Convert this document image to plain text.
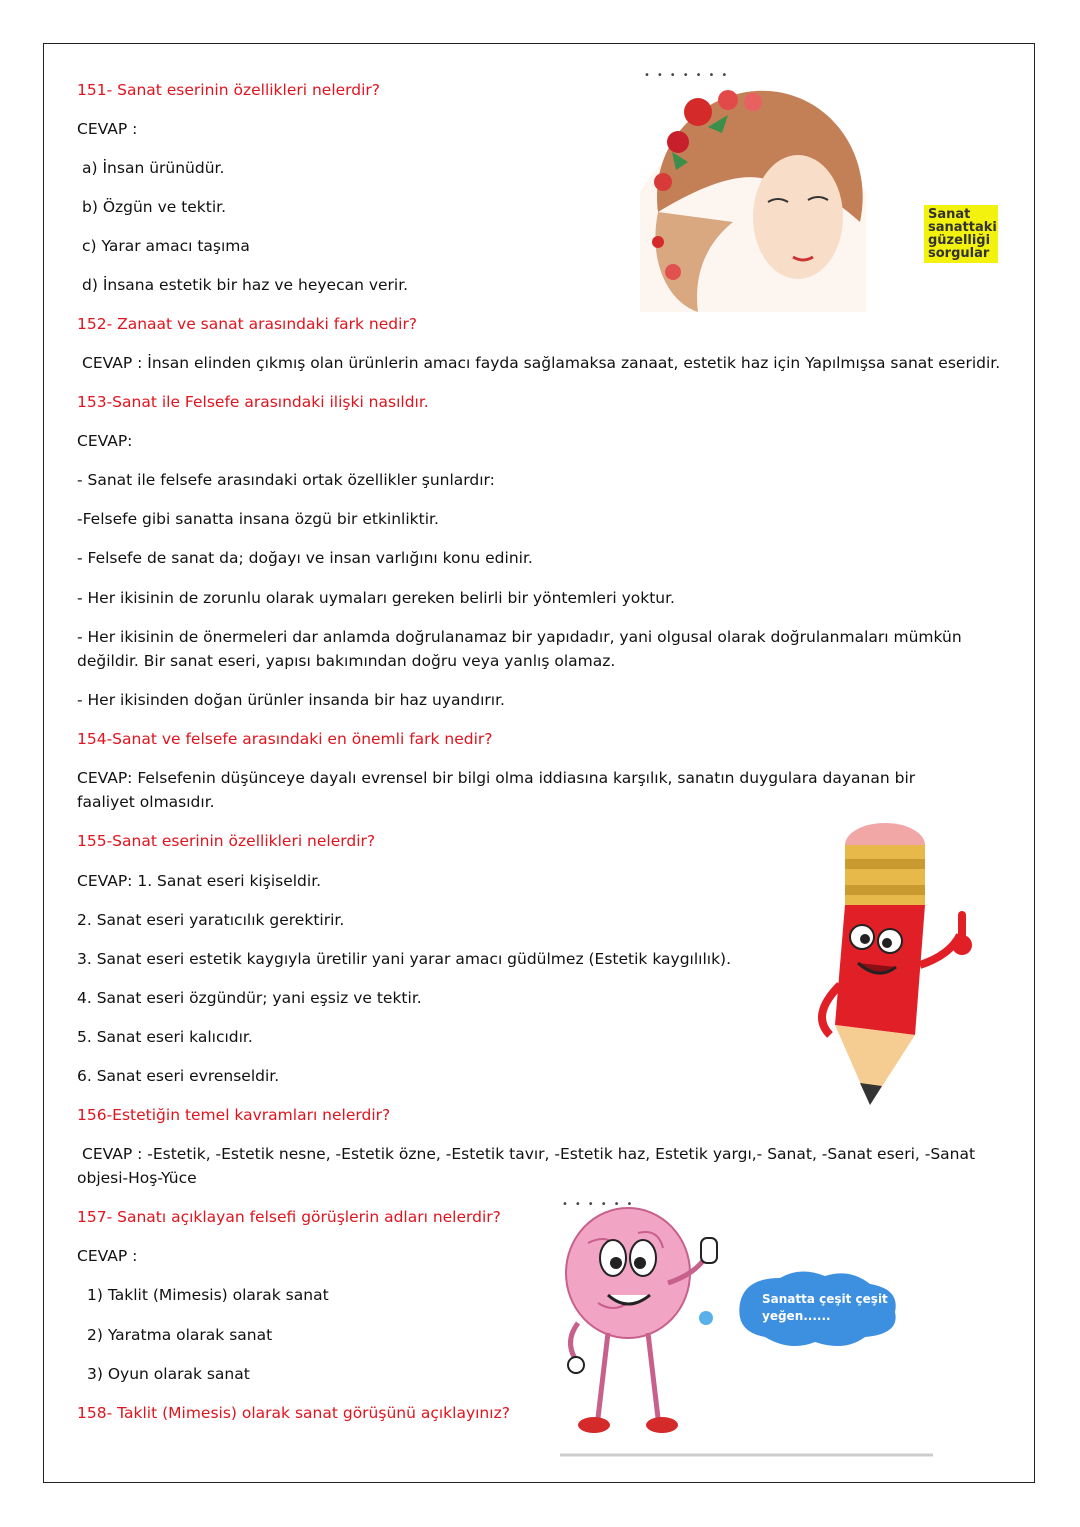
151- Sanat eserinin özellikleri nelerdir?
CEVAP :
a) İnsan ürünüdür.
b) Özgün ve tektir.
c) Yarar amacı taşıma
d) İnsana estetik bir haz ve heyecan verir.
•••••••
Sanat
sanattaki
güzelliği
sorgular
152- Zanaat ve sanat arasındaki fark nedir?
CEVAP : İnsan elinden çıkmış olan ürünlerin amacı fayda sağlamaksa zanaat, estetik haz için Yapılmışsa sanat eseridir.
153-Sanat ile Felsefe arasındaki ilişki nasıldır.
CEVAP:
- Sanat ile felsefe arasındaki ortak özellikler şunlardır:
-Felsefe gibi sanatta insana özgü bir etkinliktir.
- Felsefe de sanat da; doğayı ve insan varlığını konu edinir.
- Her ikisinin de zorunlu olarak uymaları gereken belirli bir yöntemleri yoktur.
- Her ikisinin de önermeleri dar anlamda doğrulanamaz bir yapıdadır, yani olgusal olarak doğrulanmaları mümkün değildir. Bir sanat eseri, yapısı bakımından doğru veya yanlış olamaz.
- Her ikisinden doğan ürünler insanda bir haz uyandırır.
154-Sanat ve felsefe arasındaki en önemli fark nedir?
CEVAP: Felsefenin düşünceye dayalı evrensel bir bilgi olma iddiasına karşılık, sanatın duygulara dayanan bir faaliyet olmasıdır.
155-Sanat eserinin özellikleri nelerdir?
CEVAP: 1. Sanat eseri kişiseldir.
2. Sanat eseri yaratıcılık gerektirir.
3. Sanat eseri estetik kaygıyla üretilir yani yarar amacı güdülmez (Estetik kaygılılık).
4. Sanat eseri özgündür; yani eşsiz ve tektir.
5. Sanat eseri kalıcıdır.
6. Sanat eseri evrenseldir.
156-Estetiğin temel kavramları nelerdir?
CEVAP : -Estetik, -Estetik nesne, -Estetik özne, -Estetik tavır, -Estetik haz, Estetik yargı,- Sanat, -Sanat eseri, -Sanat objesi-Hoş-Yüce
157- Sanatı açıklayan felsefi görüşlerin adları nelerdir?
CEVAP :
1) Taklit (Mimesis) olarak sanat
2) Yaratma olarak sanat
3) Oyun olarak sanat
••••••
Sanatta çeşit çeşit
yeğen......
158- Taklit (Mimesis) olarak sanat görüşünü açıklayınız?
